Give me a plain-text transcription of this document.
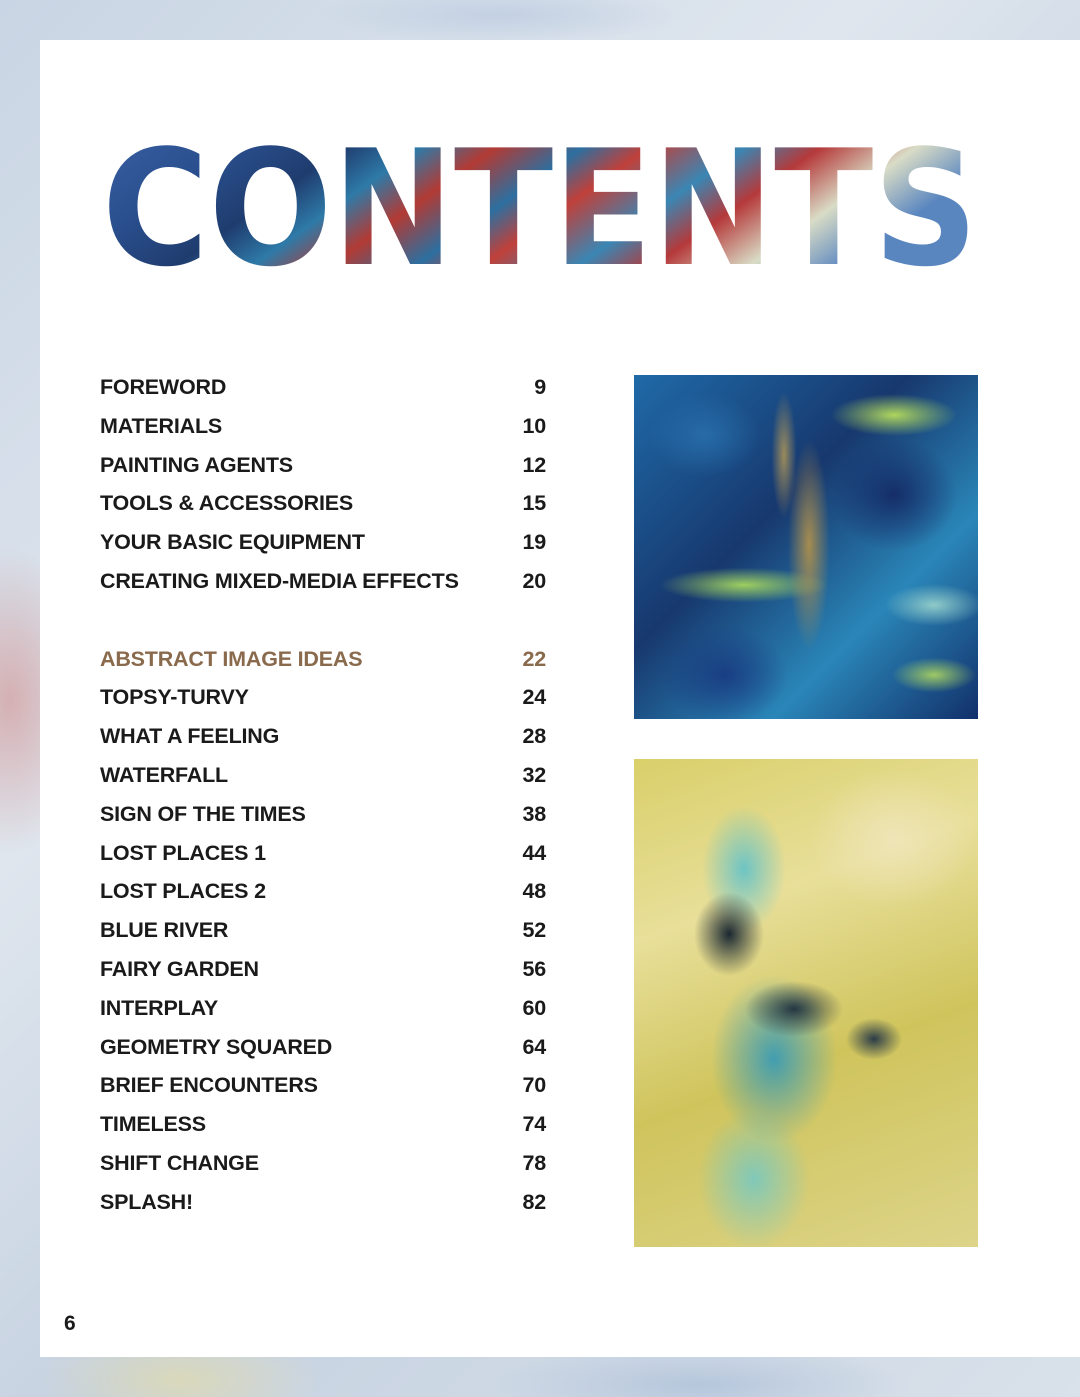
CONTENTS
FOREWORD	9
MATERIALS	10
PAINTING AGENTS	12
TOOLS & ACCESSORIES	15
YOUR BASIC EQUIPMENT	19
CREATING MIXED-MEDIA EFFECTS	20
ABSTRACT IMAGE IDEAS	22
TOPSY-TURVY	24
WHAT A FEELING	28
WATERFALL	32
SIGN OF THE TIMES	38
LOST PLACES 1	44
LOST PLACES 2	48
BLUE RIVER	52
FAIRY GARDEN	56
INTERPLAY	60
GEOMETRY SQUARED	64
BRIEF ENCOUNTERS	70
TIMELESS	74
SHIFT CHANGE	78
SPLASH!	82
6
